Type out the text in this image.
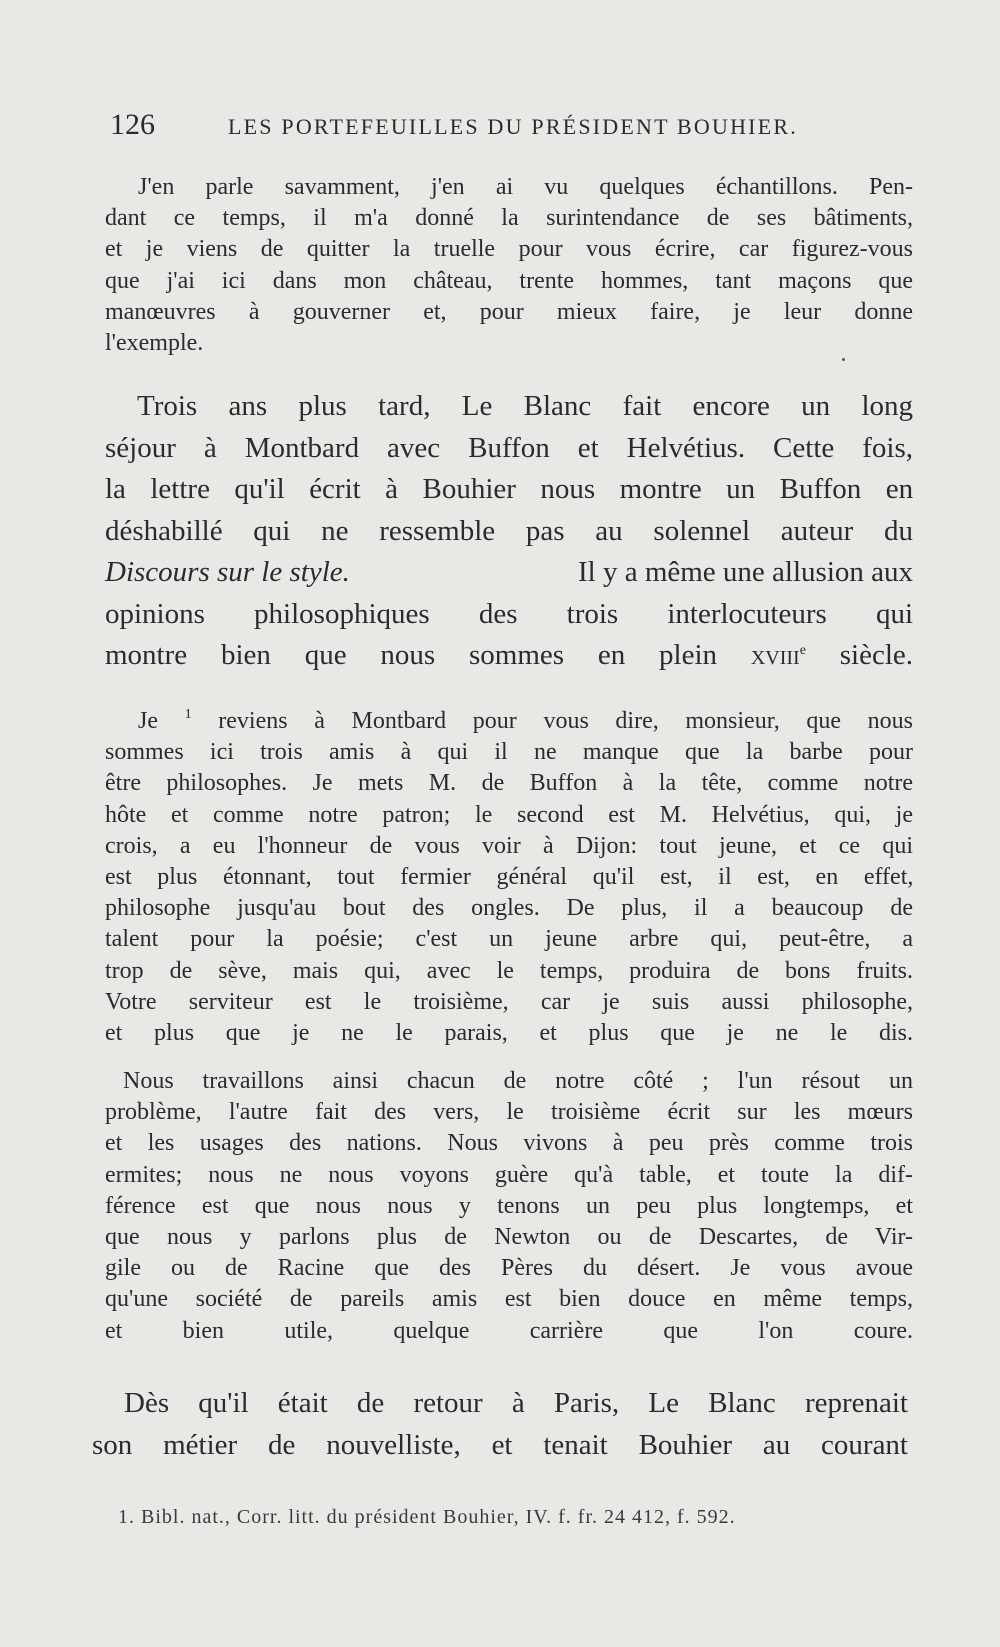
126	LES PORTEFEUILLES DU PRÉSIDENT BOUHIER.
J'en parle savamment, j'en ai vu quelques échantillons. Pen-
dant ce temps, il m'a donné la surintendance de ses bâtiments,
et je viens de quitter la truelle pour vous écrire, car figurez-vous
que j'ai ici dans mon château, trente hommes, tant maçons que
manœuvres à gouverner et, pour mieux faire, je leur donne
l'exemple.
Trois ans plus tard, Le Blanc fait encore un long
séjour à Montbard avec Buffon et Helvétius. Cette fois,
la lettre qu'il écrit à Bouhier nous montre un Buffon en
déshabillé qui ne ressemble pas au solennel auteur du
Discours sur le style.	Il y a même une allusion aux
opinions philosophiques des trois interlocuteurs qui
montre bien que nous sommes en plein xviii$^e$ siècle.
Je $^1$ reviens à Montbard pour vous dire, monsieur, que nous
sommes ici trois amis à qui il ne manque que la barbe pour
être philosophes. Je mets M. de Buffon à la tête, comme notre
hôte et comme notre patron; le second est M. Helvétius, qui, je
crois, a eu l'honneur de vous voir à Dijon: tout jeune, et ce qui
est plus étonnant, tout fermier général qu'il est, il est, en effet,
philosophe jusqu'au bout des ongles. De plus, il a beaucoup de
talent pour la poésie; c'est un jeune arbre qui, peut-être, a
trop de sève, mais qui, avec le temps, produira de bons fruits.
Votre serviteur est le troisième, car je suis aussi philosophe,
et plus que je ne le parais, et plus que je ne le dis.
Nous travaillons ainsi chacun de notre côté ; l'un résout un
problème, l'autre fait des vers, le troisième écrit sur les mœurs
et les usages des nations. Nous vivons à peu près comme trois
ermites; nous ne nous voyons guère qu'à table, et toute la dif-
férence est que nous nous y tenons un peu plus longtemps, et
que nous y parlons plus de Newton ou de Descartes, de Vir-
gile ou de Racine que des Pères du désert. Je vous avoue
qu'une société de pareils amis est bien douce en même temps,
et bien utile, quelque carrière que l'on coure.
Dès qu'il était de retour à Paris, Le Blanc reprenait
son métier de nouvelliste, et tenait Bouhier au courant
1. Bibl. nat., Corr. litt. du président Bouhier, IV. f. fr. 24 412, f. 592.
